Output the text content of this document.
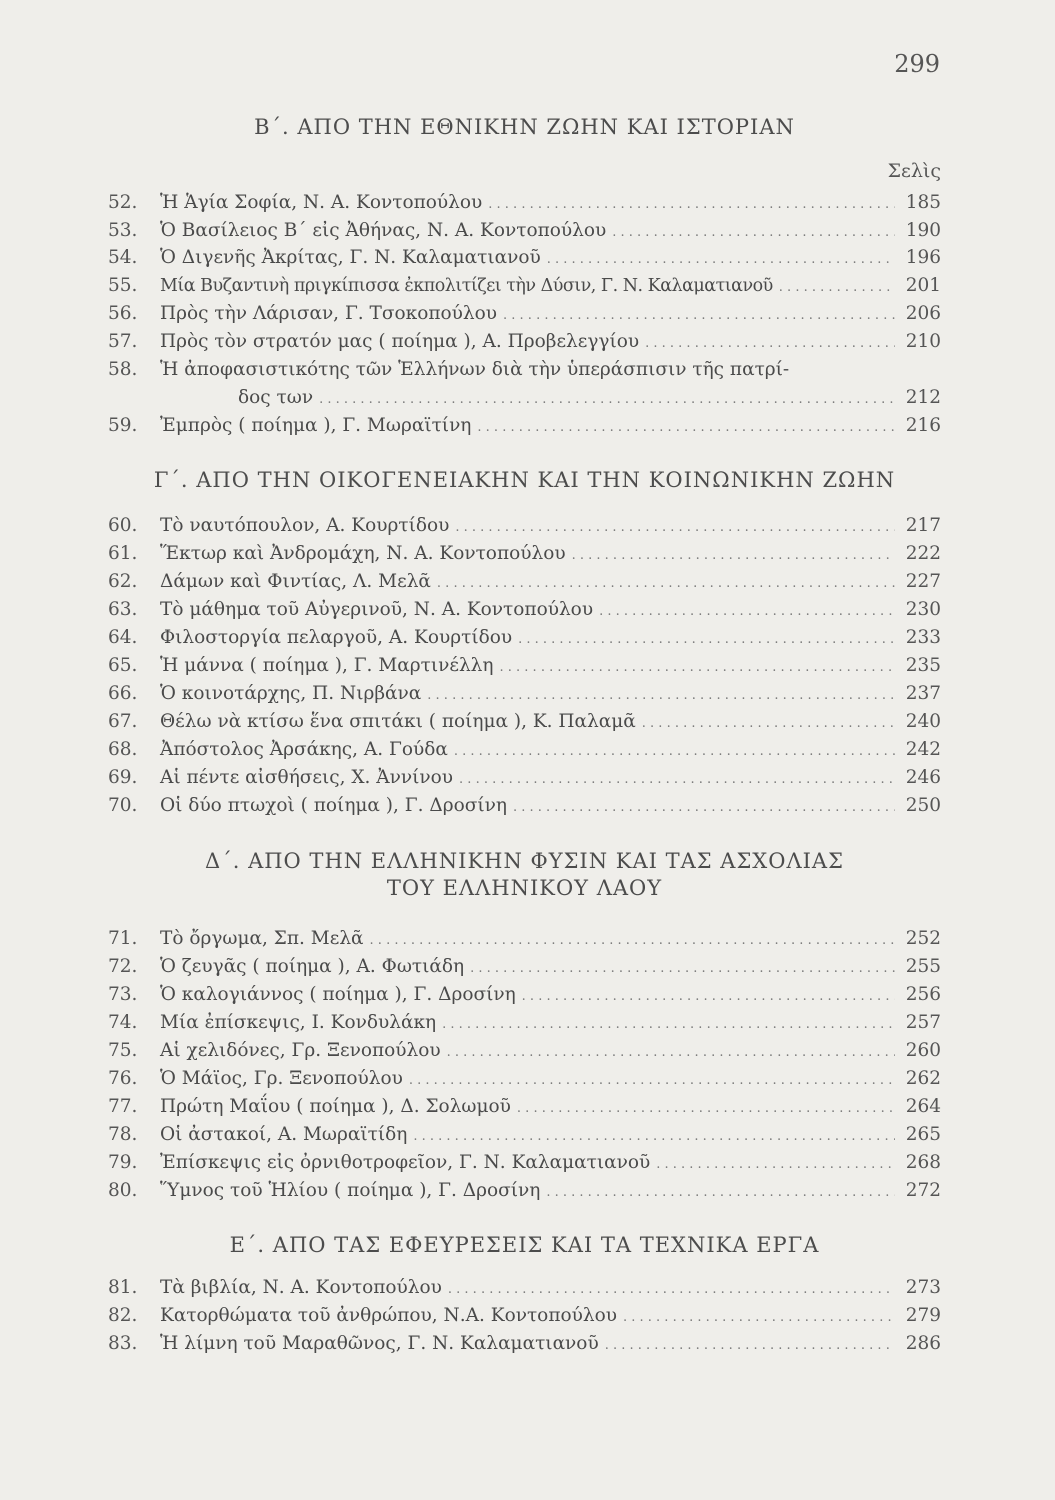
299
Β΄. ΑΠΟ ΤΗΝ ΕΘΝΙΚΗΝ ΖΩΗΝ ΚΑΙ ΙΣΤΟΡΙΑΝ
Σελὶς
52.	Ἡ Ἁγία Σοφία, Ν. Α. Κοντοπούλου . . .	185
53.	Ὁ Βασίλειος Β΄ εἰς Ἀθήνας, Ν. Α. Κοντοπούλου . . .	190
54.	Ὁ Διγενῆς Ἀκρίτας, Γ. Ν. Καλαματιανοῦ . . .	196
55.	Μία Βυζαντινὴ πριγκίπισσα ἐκπολιτίζει τὴν Δύσιν, Γ. Ν. Καλαματιανοῦ . . .	201
56.	Πρὸς τὴν Λάρισαν, Γ. Τσοκοπούλου . . .	206
57.	Πρὸς τὸν στρατόν μας ( ποίημα ), Α. Προβελεγγίου . . .	210
58.	Ἡ ἀποφασιστικότης τῶν Ἑλλήνων διὰ τὴν ὑπεράσπισιν τῆς πατρί-
δος των . . .	212
59.	Ἐμπρὸς ( ποίημα ), Γ. Μωραϊτίνη . . .	216
Γ΄. ΑΠΟ ΤΗΝ ΟΙΚΟΓΕΝΕΙΑΚΗΝ ΚΑΙ ΤΗΝ ΚΟΙΝΩΝΙΚΗΝ ΖΩΗΝ
60.	Τὸ ναυτόπουλον, Α. Κουρτίδου . . .	217
61.	Ἕκτωρ καὶ Ἀνδρομάχη, Ν. Α. Κοντοπούλου . . .	222
62.	Δάμων καὶ Φιντίας, Λ. Μελᾶ . . .	227
63.	Τὸ μάθημα τοῦ Αὐγερινοῦ, Ν. Α. Κοντοπούλου . . .	230
64.	Φιλοστοργία πελαργοῦ, Α. Κουρτίδου . . .	233
65.	Ἡ μάννα ( ποίημα ), Γ. Μαρτινέλλη . . .	235
66.	Ὁ κοινοτάρχης, Π. Νιρβάνα . . .	237
67.	Θέλω νὰ κτίσω ἕνα σπιτάκι ( ποίημα ), Κ. Παλαμᾶ . . .	240
68.	Ἀπόστολος Ἀρσάκης, Α. Γούδα . . .	242
69.	Αἱ πέντε αἰσθήσεις, Χ. Ἀννίνου . . .	246
70.	Οἱ δύο πτωχοὶ ( ποίημα ), Γ. Δροσίνη . . .	250
Δ΄. ΑΠΟ ΤΗΝ ΕΛΛΗΝΙΚΗΝ ΦΥΣΙΝ ΚΑΙ ΤΑΣ ΑΣΧΟΛΙΑΣ
ΤΟΥ ΕΛΛΗΝΙΚΟΥ ΛΑΟΥ
71.	Τὸ ὄργωμα, Σπ. Μελᾶ . . .	252
72.	Ὁ ζευγᾶς ( ποίημα ), Α. Φωτιάδη . . .	255
73.	Ὁ καλογιάννος ( ποίημα ), Γ. Δροσίνη . . .	256
74.	Μία ἐπίσκεψις, Ι. Κονδυλάκη . . .	257
75.	Αἱ χελιδόνες, Γρ. Ξενοπούλου . . .	260
76.	Ὁ Μάϊος, Γρ. Ξενοπούλου . . .	262
77.	Πρώτη Μαΐου ( ποίημα ), Δ. Σολωμοῦ . . .	264
78.	Οἱ ἀστακοί, Α. Μωραϊτίδη . . .	265
79.	Ἐπίσκεψις εἰς ὀρνιθοτροφεῖον, Γ. Ν. Καλαματιανοῦ . . .	268
80.	Ὕμνος τοῦ Ἡλίου ( ποίημα ), Γ. Δροσίνη . . .	272
Ε΄. ΑΠΟ ΤΑΣ ΕΦΕΥΡΕΣΕΙΣ ΚΑΙ ΤΑ ΤΕΧΝΙΚΑ ΕΡΓΑ
81.	Τὰ βιβλία, Ν. Α. Κοντοπούλου . . .	273
82.	Κατορθώματα τοῦ ἀνθρώπου, Ν.Α. Κοντοπούλου . . .	279
83.	Ἡ λίμνη τοῦ Μαραθῶνος, Γ. Ν. Καλαματιανοῦ . . .	286
